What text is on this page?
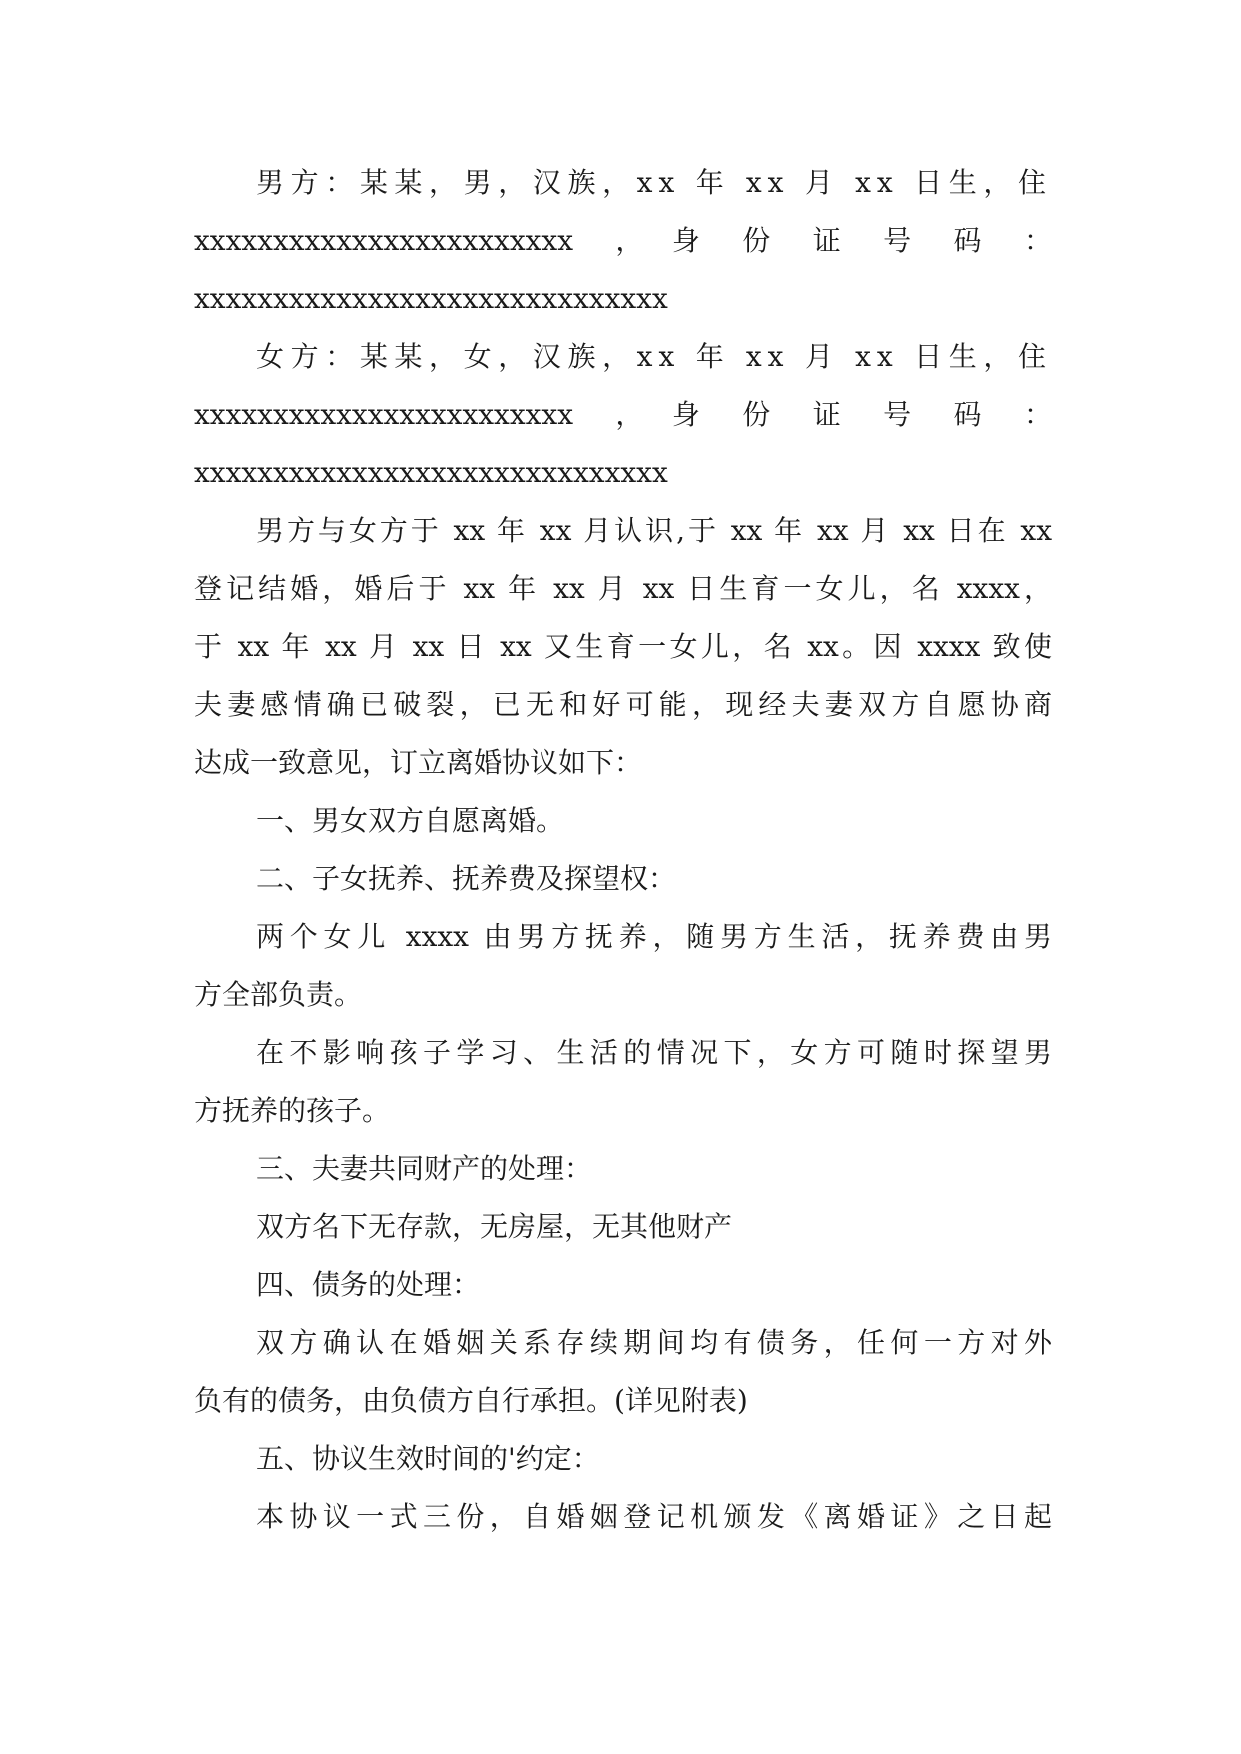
男方：某某，男，汉族，xx 年 xx 月 xx 日生，住
xxxxxxxxxxxxxxxxxxxxxxxx　，　身　份　证　号　码　：
xxxxxxxxxxxxxxxxxxxxxxxxxxxxxx
女方：某某，女，汉族，xx 年 xx 月 xx 日生，住
xxxxxxxxxxxxxxxxxxxxxxxx　，　身　份　证　号　码　：
xxxxxxxxxxxxxxxxxxxxxxxxxxxxxx
男方与女方于 xx 年 xx 月认识,于 xx 年 xx 月 xx 日在 xx
登记结婚，婚后于 xx 年 xx 月 xx 日生育一女儿，名 xxxx，
于 xx 年 xx 月 xx 日 xx 又生育一女儿，名 xx。因 xxxx 致使
夫妻感情确已破裂，已无和好可能，现经夫妻双方自愿协商
达成一致意见，订立离婚协议如下：
一、男女双方自愿离婚。
二、子女抚养、抚养费及探望权：
两个女儿 xxxx 由男方抚养，随男方生活，抚养费由男
方全部负责。
在不影响孩子学习、生活的情况下，女方可随时探望男
方抚养的孩子。
三、夫妻共同财产的处理：
双方名下无存款，无房屋，无其他财产
四、债务的处理：
双方确认在婚姻关系存续期间均有债务，任何一方对外
负有的债务，由负债方自行承担。(详见附表)
五、协议生效时间的'约定：
本协议一式三份，自婚姻登记机颁发《离婚证》之日起
